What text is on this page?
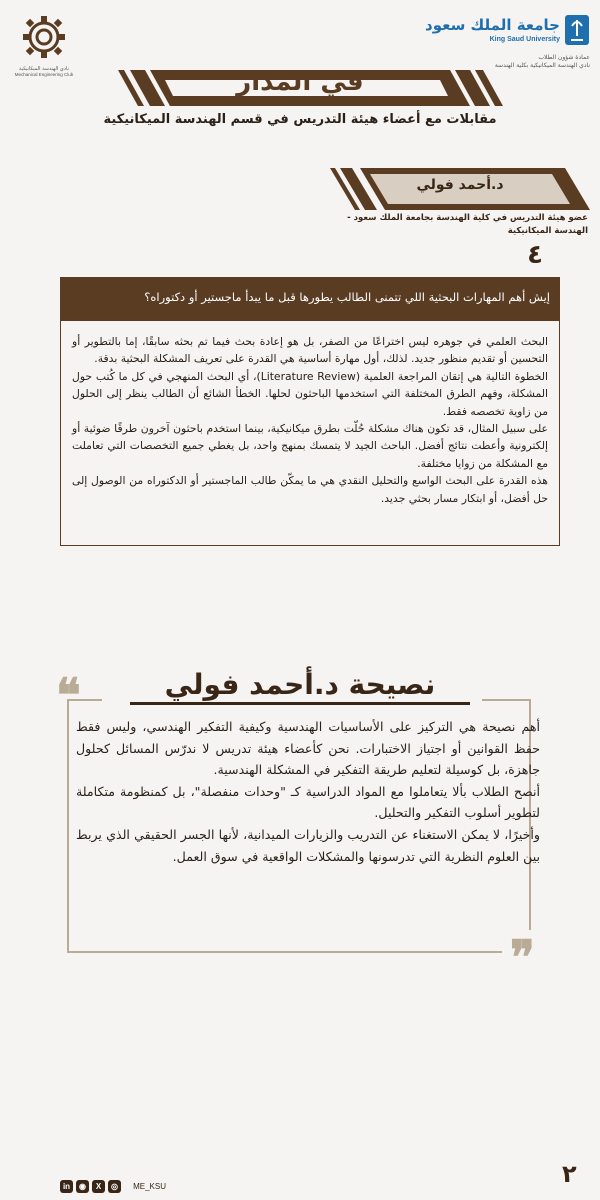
جامعة الملك سعود
King Saud University
عمادة شؤون الطلاب
نادي الهندسة الميكانيكية بكلية الهندسة
نادي الهندسة الميكانيكية
Mechanical Engineering Club	في المدار
مقابلات مع أعضاء هيئة التدريس في قسم الهندسة الميكانيكية
د.أحمد فولي
عضو هيئة التدريس في كلية الهندسة بجامعة الملك سعود - الهندسة الميكانيكية
٤
إيش أهم المهارات البحثية اللي تتمنى الطالب يطورها قبل ما يبدأ ماجستير أو دكتوراه؟

البحث العلمي في جوهره ليس اختراعًا من الصفر، بل هو إعادة بحث فيما تم بحثه سابقًا، إما بالتطوير أو التحسين أو تقديم منظور جديد. لذلك، أول مهارة أساسية هي القدرة على تعريف المشكلة البحثية بدقة.

الخطوة التالية هي إتقان المراجعة العلمية (Literature Review)، أي البحث المنهجي في كل ما كُتب حول المشكلة، وفهم الطرق المختلفة التي استخدمها الباحثون لحلها. الخطأ الشائع أن الطالب ينظر إلى الحلول من زاوية تخصصه فقط.

على سبيل المثال، قد تكون هناك مشكلة حُلّت بطرق ميكانيكية، بينما استخدم باحثون آخرون طرقًا ضوئية أو إلكترونية وأعطت نتائج أفضل. الباحث الجيد لا يتمسك بمنهج واحد، بل يغطي جميع التخصصات التي تعاملت مع المشكلة من زوايا مختلفة.

هذه القدرة على البحث الواسع والتحليل النقدي هي ما يمكّن طالب الماجستير أو الدكتوراه من الوصول إلى حل أفضل، أو ابتكار مسار بحثي جديد.

❝	نصيحة د.أحمد فولي

أهم نصيحة هي التركيز على الأساسيات الهندسية وكيفية التفكير الهندسي، وليس فقط حفظ القوانين أو اجتياز الاختبارات. نحن كأعضاء هيئة تدريس لا ندرّس المسائل كحلول جاهزة، بل كوسيلة لتعليم طريقة التفكير في المشكلة الهندسية.

أنصح الطلاب بألا يتعاملوا مع المواد الدراسية كـ "وحدات منفصلة"، بل كمنظومة متكاملة لتطوير أسلوب التفكير والتحليل.

وأخيرًا، لا يمكن الاستغناء عن التدريب والزيارات الميدانية، لأنها الجسر الحقيقي الذي يربط بين العلوم النظرية التي تدرسونها والمشكلات الواقعية في سوق العمل.

❞
in ◉ X ◎ ME_KSU	٢
